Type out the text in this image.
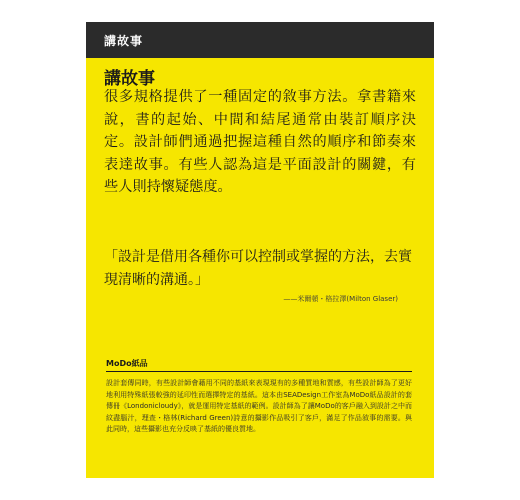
講故事
講故事
很多規格提供了一種固定的敘事方法。拿書籍來說，書的起始、中間和結尾通常由裝訂順序決定。設計師們通過把握這種自然的順序和節奏來表達故事。有些人認為這是平面設計的關鍵，有些人則持懷疑態度。
「設計是借用各種你可以控制或掌握的方法，去實現清晰的溝通。」
——米爾頓・格拉澤(Milton Glaser)
MoDo紙品
設計套傳同時，有些設計師會藉用不同的基紙來表現現有的多種質地和質感，有些設計師為了更好地利用特殊紙張較強的延印性而選擇特定的基紙。這本由SEADesign工作室為MoDo紙品設計的套傳冊《Londonicloudy》，就是運用特定基紙的範例。設計師為了讓MoDo的客戶融入到設計之中而紋盡腦汁，理查・格林(Richard Green)詩意的攝影作品吸引了客戶，滿足了作品敘事的需要。與此同時，這些攝影也充分反映了基紙的優良質地。
